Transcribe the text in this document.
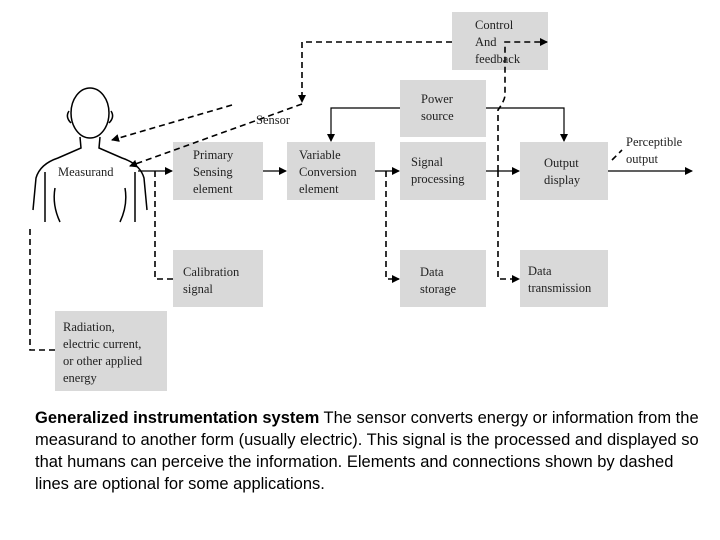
Control
And
feedback
Power
source
Sensor
Measurand
Primary
Sensing
element
Variable
Conversion
element
Signal
processing
Output
display
Perceptible
output
Calibration
signal
Data
storage
Data
transmission
Radiation,
electric current,
or other applied
energy
Generalized instrumentation system The sensor converts energy or information from the measurand to another form (usually electric). This signal is the processed and displayed so that humans can perceive the information. Elements and connections shown by dashed lines are optional for some applications.
